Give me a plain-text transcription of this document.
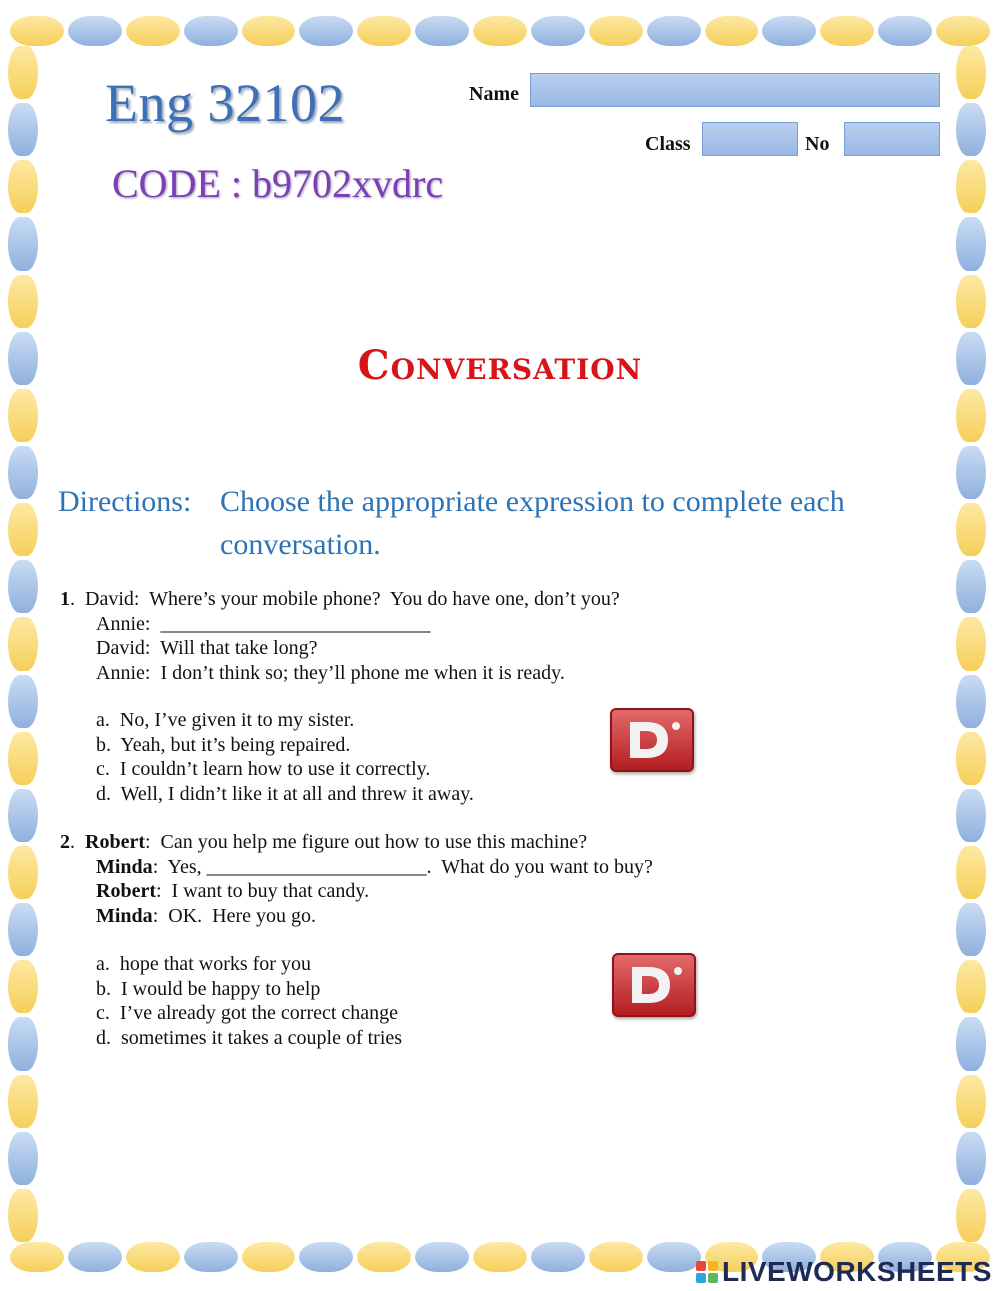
Eng 32102
CODE : b9702xvdrc
Name
Class	No
Conversation
Directions: Choose the appropriate expression to complete each conversation.
1.  David:  Where’s your mobile phone?  You do have one, don’t you?
Annie:  ___________________________
David:  Will that take long?
Annie:  I don’t think so; they’ll phone me when it is ready.
a.  No, I’ve given it to my sister.
b.  Yeah, but it’s being repaired.
c.  I couldn’t learn how to use it correctly.
d.  Well, I didn’t like it at all and threw it away.
2.  Robert:  Can you help me figure out how to use this machine?
Minda:  Yes, ______________________.  What do you want to buy?
Robert:  I want to buy that candy.
Minda:  OK.  Here you go.
a.  hope that works for you
b.  I would be happy to help
c.  I’ve already got the correct change
d.  sometimes it takes a couple of tries
LIVEWORKSHEETS
